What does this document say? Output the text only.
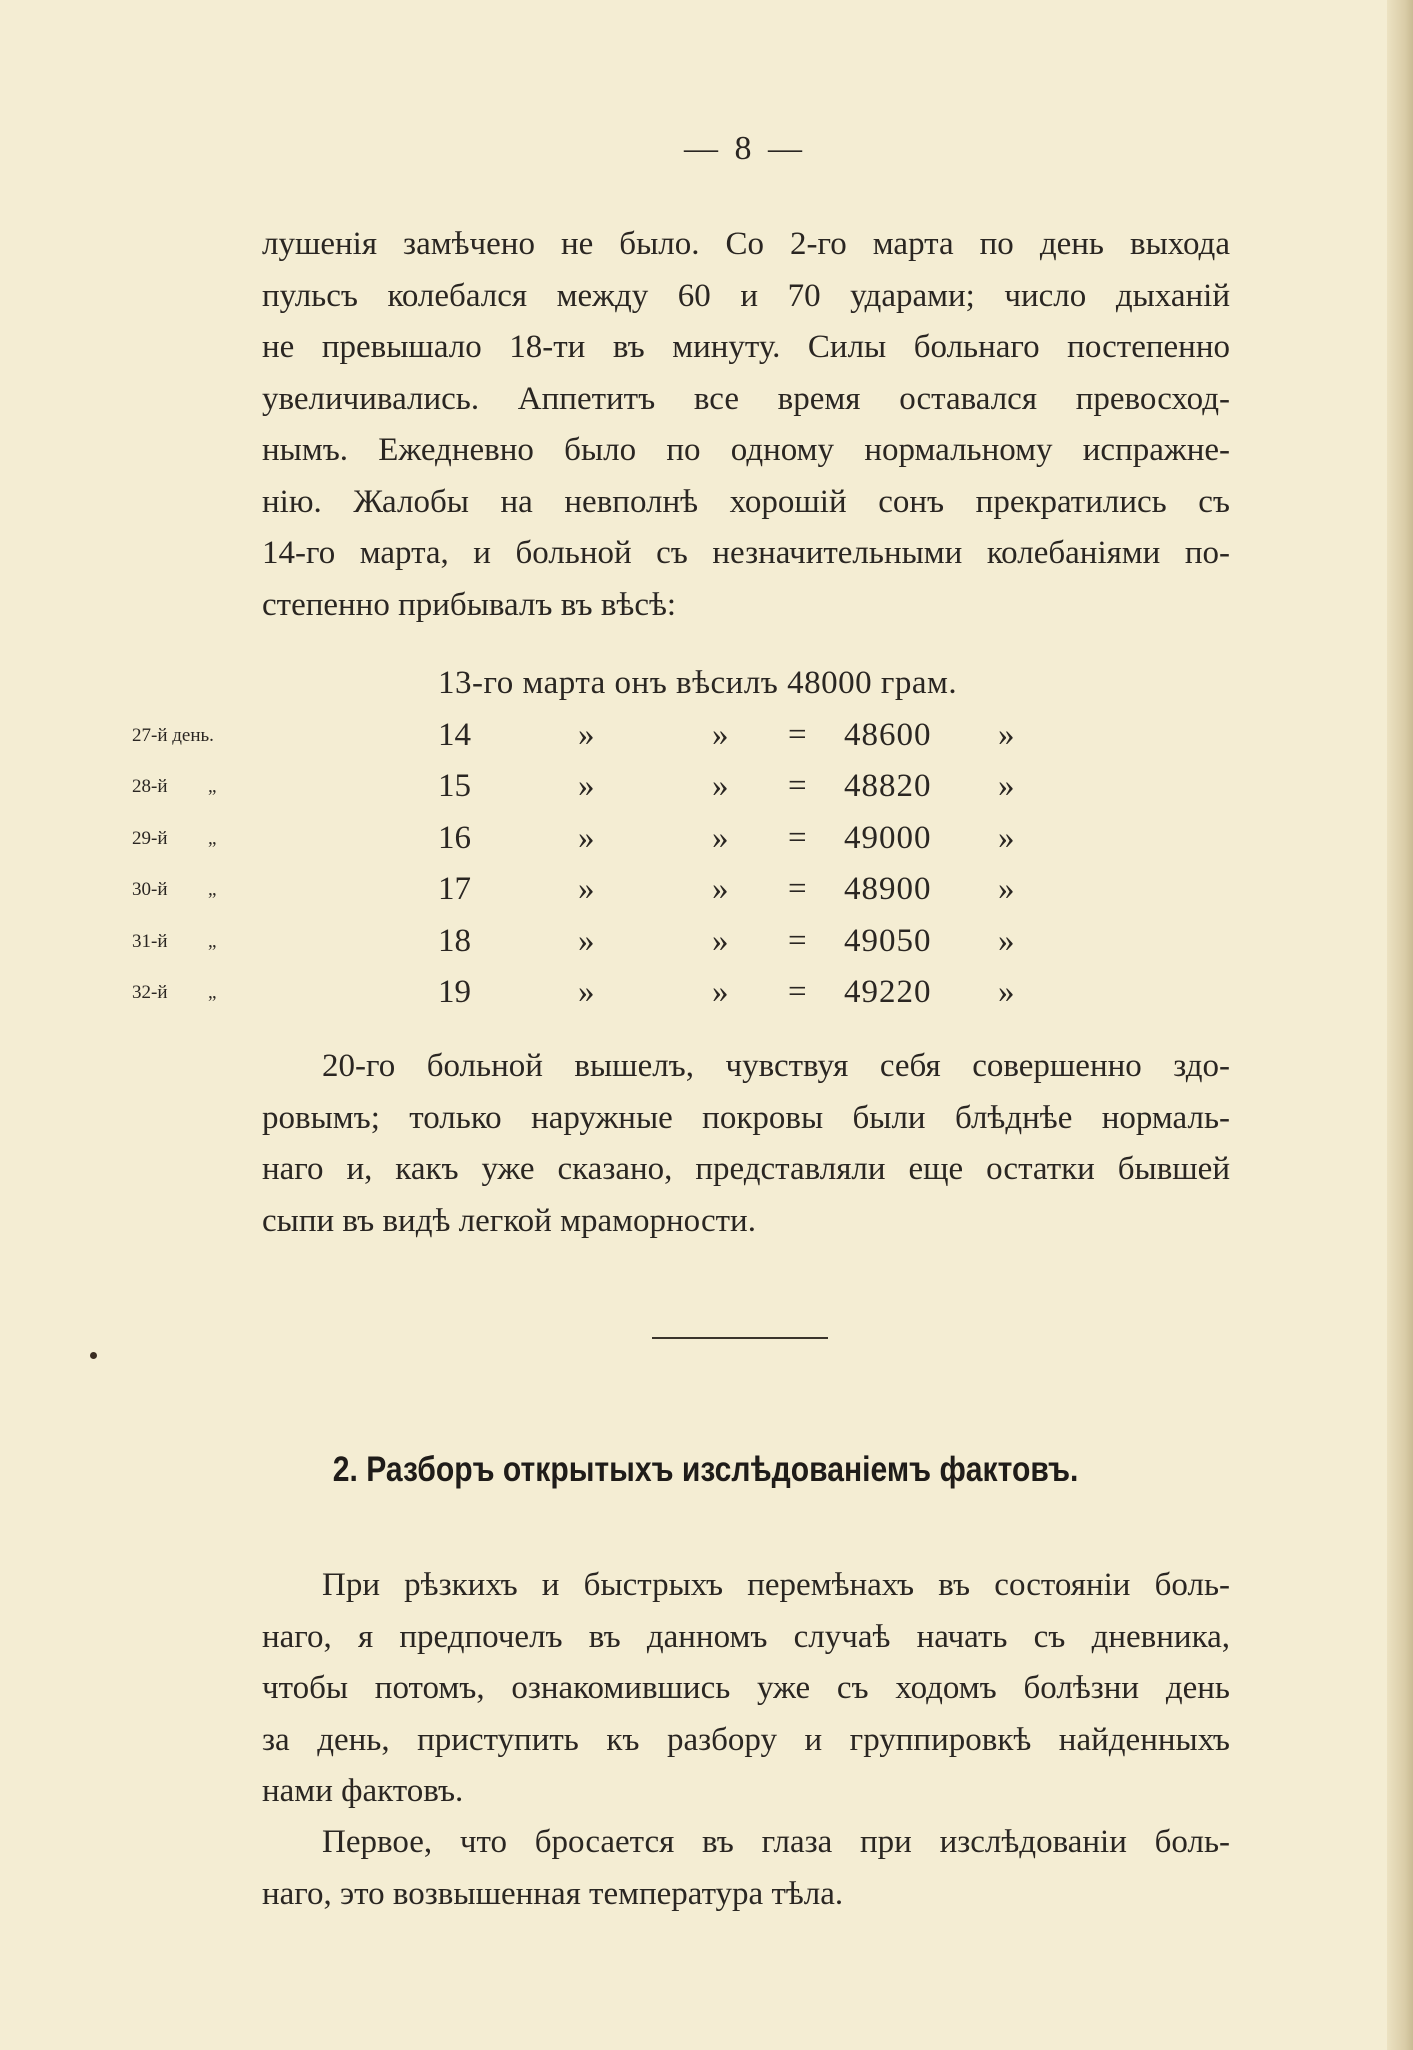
— 8 —
лушенія замѣчено не было. Со 2-го марта по день выхода
пульсъ колебался между 60 и 70 ударами; число дыханій
не превышало 18-ти въ минуту. Силы больнаго постепенно
увеличивались. Аппетитъ все время оставался превосход-
нымъ. Ежедневно было по одному нормальному испражне-
нію. Жалобы на невполнѣ хорошій сонъ прекратились съ
14-го марта, и больной съ незначительными колебаніями по-
степенно прибывалъ въ вѣсѣ:
13-го марта онъ вѣсилъ 48000 грам.
27-й день.	14	»	» = 48600 »
28-й „	15	»	» = 48820 »
29-й „	16	»	» = 49000 »
30-й „	17	»	» = 48900 »
31-й „	18	»	» = 49050 »
32-й „	19	»	» = 49220 »
20-го больной вышелъ, чувствуя себя совершенно здо-
ровымъ; только наружные покровы были блѣднѣе нормаль-
наго и, какъ уже сказано, представляли еще остатки бывшей
сыпи въ видѣ легкой мраморности.
2. Разборъ открытыхъ изслѣдованіемъ фактовъ.
При рѣзкихъ и быстрыхъ перемѣнахъ въ состояніи боль-
наго, я предпочелъ въ данномъ случаѣ начать съ дневника,
чтобы потомъ, ознакомившись уже съ ходомъ болѣзни день
за день, приступить къ разбору и группировкѣ найденныхъ
нами фактовъ.
Первое, что бросается въ глаза при изслѣдованіи боль-
наго, это возвышенная температура тѣла.
